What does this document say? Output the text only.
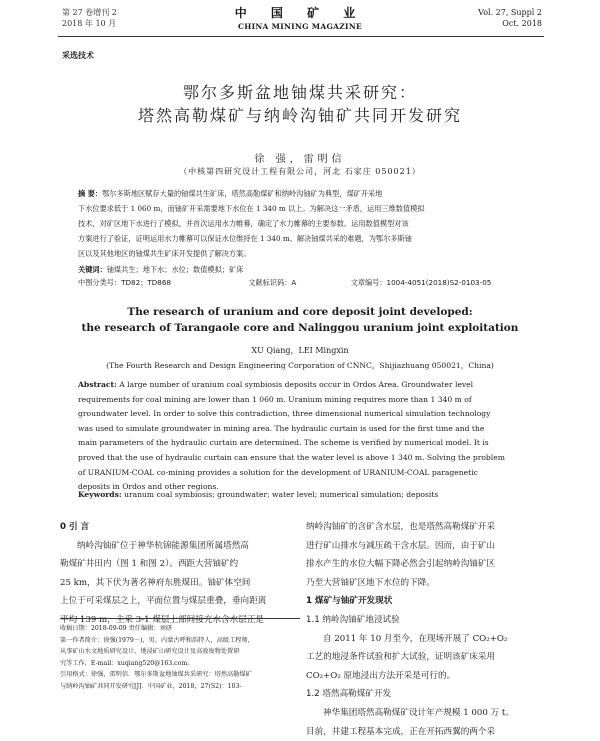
第 27 卷增刊 2
2018 年 10 月
中 国 矿 业
CHINA MINING MAGAZINE
Vol. 27, Suppl 2
Oct. 2018
采选技术
鄂尔多斯盆地铀煤共采研究：
塔然高勒煤矿与纳岭沟铀矿共同开发研究
徐 强，雷明信
（中核第四研究设计工程有限公司，河北 石家庄 050021）
摘 要：鄂尔多斯地区赋存大量的铀煤共生矿床，塔然高勒煤矿和纳岭沟铀矿为典型，煤矿开采地
下水位要求低于 1 060 m，而铀矿开采需要地下水位在 1 340 m 以上。为解决这一矛盾，运用三维数值模拟
技术，对矿区地下水进行了模拟，并首次运用水力帷幕，确定了水力帷幕的主要参数。运用数值模型对该
方案进行了验证，证明运用水力帷幕可以保证水位维持在 1 340 m。解决铀煤共采的难题，为鄂尔多斯铀
区以及其他地区的铀煤共生矿床开发提供了解决方案。
关键词：铀煤共生；地下水；水位；数值模拟；矿床
中图分类号：TD82；TD868	文献标识码：A	文章编号：1004-4051(2018)S2-0103-05
The research of uranium and core deposit joint developed:
the research of Tarangaole core and Nalinggou uranium joint exploitation
XU Qiang，LEI Mingxin
(The Fourth Research and Design Engineering Corporation of CNNC，Shijiazhuang 050021，China)
Abstract: A large number of uranium coal symbiosis deposits occur in Ordos Area. Groundwater level
requirements for coal mining are lower than 1 060 m. Uranium mining requires more than 1 340 m of
groundwater level. In order to solve this contradiction, three dimensional numerical simulation technology
was used to simulate groundwater in mining area. The hydraulic curtain is used for the first time and the
main parameters of the hydraulic curtain are determined. The scheme is verified by numerical model. It is
proved that the use of hydraulic curtain can ensure that the water level is above 1 340 m. Solving the problem
of URANIUM-COAL co-mining provides a solution for the development of URANIUM-COAL paragenetic
deposits in Ordos and other regions.
Keywords: uranum coal symbiosis; groundwater; water level; numerical simulation; deposits
0 引 言
纳岭沟铀矿位于神华杭锦能源集团所属塔然高
勒煤矿井田内（图 1 和图 2）。西距大营铀矿约
25 km，其下伏为著名神府东胜煤田。铀矿体空间
上位于可采煤层之上，平面位置与煤层重叠，垂向距离
平均 139 m，主采 3-1 煤层上部间接充水含水层正是
纳岭沟铀矿的含矿含水层，也是塔然高勒煤矿开采
进行矿山排水与减压疏干含水层。因而，由于矿山
排水产生的水位大幅下降必然会引起纳岭沟铀矿区
乃至大营铀矿区地下水位的下降。
1 煤矿与铀矿开发现状
1.1 纳岭沟铀矿地浸试验
自 2011 年 10 月至今，在现场开展了 CO₂+O₂
工艺的地浸条件试验和扩大试验，证明该矿床采用
CO₂+O₂ 原地浸出方法开采是可行的。
1.2 塔然高勒煤矿开发
神华集团塔然高勒煤矿设计年产规模 1 000 万 t。
目前，井建工程基本完成，正在开拓西翼的两个采
收稿日期：2018-09-09 责任编辑：刘研
第一作者简介：徐强(1979－)，男，内蒙古呼和浩特人，高级工程师，
从事矿山水文地质研究设计、地浸矿山研究设计及高放废物处置研
究等工作，E-mail：xuqiang520@163.com。
引用格式：徐强，雷明信．鄂尔多斯盆地铀煤共采研究：塔然高勒煤矿
与纳岭沟铀矿共同开发研究[J]．中国矿业，2018，27(S2)：103-
